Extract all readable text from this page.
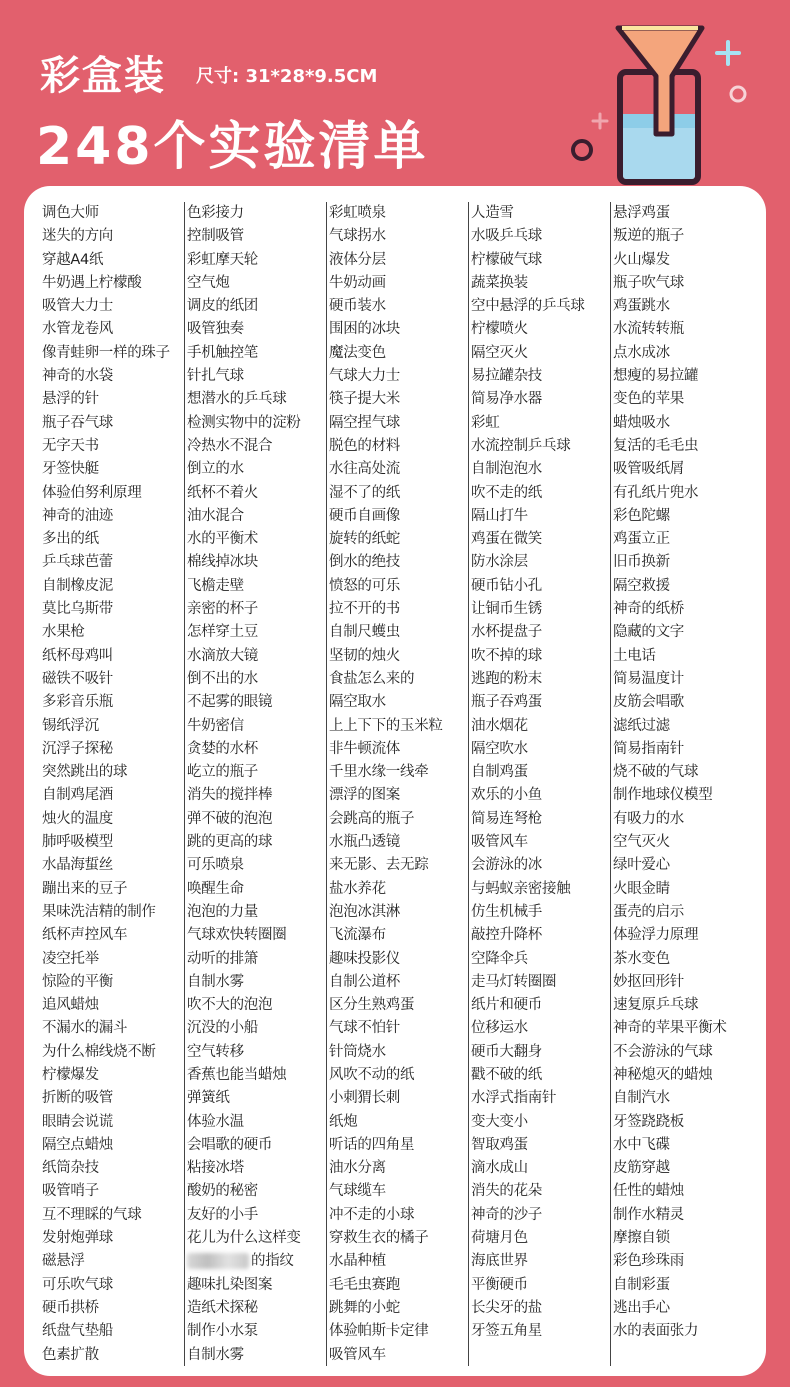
彩盒装 尺寸: 31*28*9.5CM
248个实验清单
调色大师
迷失的方向
穿越A4纸
牛奶遇上柠檬酸
吸管大力士
水管龙卷风
像青蛙卵一样的珠子
神奇的水袋
悬浮的针
瓶子吞气球
无字天书
牙签快艇
体验伯努利原理
神奇的油迹
多出的纸
乒乓球芭蕾
自制橡皮泥
莫比乌斯带
水果枪
纸杯母鸡叫
磁铁不吸针
多彩音乐瓶
锡纸浮沉
沉浮子探秘
突然跳出的球
自制鸡尾酒
烛火的温度
肺呼吸模型
水晶海蜇丝
蹦出来的豆子
果味洗洁精的制作
纸杯声控风车
凌空托举
惊险的平衡
追风蜡烛
不漏水的漏斗
为什么棉线烧不断
柠檬爆发
折断的吸管
眼睛会说谎
隔空点蜡烛
纸筒杂技
吸管哨子
互不理睬的气球
发射炮弹球
磁悬浮
可乐吹气球
硬币拱桥
纸盘气垫船
色素扩散
色彩接力
控制吸管
彩虹摩天轮
空气炮
调皮的纸团
吸管独奏
手机触控笔
针扎气球
想潜水的乒乓球
检测实物中的淀粉
冷热水不混合
倒立的水
纸杯不着火
油水混合
水的平衡术
棉线掉冰块
飞檐走壁
亲密的杯子
怎样穿土豆
水滴放大镜
倒不出的水
不起雾的眼镜
牛奶密信
贪婪的水杯
屹立的瓶子
消失的搅拌棒
弹不破的泡泡
跳的更高的球
可乐喷泉
唤醒生命
泡泡的力量
气球欢快转圈圈
动听的排箫
自制水雾
吹不大的泡泡
沉没的小船
空气转移
香蕉也能当蜡烛
弹簧纸
体验水温
会唱歌的硬币
粘接冰塔
酸奶的秘密
友好的小手
花儿为什么这样变
的指纹
趣味扎染图案
造纸术探秘
制作小水泵
自制水雾
彩虹喷泉
气球拐水
液体分层
牛奶动画
硬币装水
围困的冰块
魔法变色
气球大力士
筷子提大米
隔空捏气球
脱色的材料
水往高处流
湿不了的纸
硬币自画像
旋转的纸蛇
倒水的绝技
愤怒的可乐
拉不开的书
自制尺蠖虫
坚韧的烛火
食盐怎么来的
隔空取水
上上下下的玉米粒
非牛顿流体
千里水缘一线牵
漂浮的图案
会跳高的瓶子
水瓶凸透镜
来无影、去无踪
盐水养花
泡泡冰淇淋
飞流瀑布
趣味投影仪
自制公道杯
区分生熟鸡蛋
气球不怕针
针筒烧水
风吹不动的纸
小刺猬长刺
纸炮
听话的四角星
油水分离
气球缆车
冲不走的小球
穿救生衣的橘子
水晶种植
毛毛虫赛跑
跳舞的小蛇
体验帕斯卡定律
吸管风车
人造雪
水吸乒乓球
柠檬破气球
蔬菜换装
空中悬浮的乒乓球
柠檬喷火
隔空灭火
易拉罐杂技
简易净水器
彩虹
水流控制乒乓球
自制泡泡水
吹不走的纸
隔山打牛
鸡蛋在微笑
防水涂层
硬币钻小孔
让铜币生锈
水杯提盘子
吹不掉的球
逃跑的粉末
瓶子吞鸡蛋
油水烟花
隔空吹水
自制鸡蛋
欢乐的小鱼
简易连弩枪
吸管风车
会游泳的冰
与蚂蚁亲密接触
仿生机械手
敲控升降杯
空降伞兵
走马灯转圈圈
纸片和硬币
位移运水
硬币大翻身
戳不破的纸
水浮式指南针
变大变小
智取鸡蛋
滴水成山
消失的花朵
神奇的沙子
荷塘月色
海底世界
平衡硬币
长尖牙的盐
牙签五角星
悬浮鸡蛋
叛逆的瓶子
火山爆发
瓶子吹气球
鸡蛋跳水
水流转转瓶
点水成冰
想瘦的易拉罐
变色的苹果
蜡烛吸水
复活的毛毛虫
吸管吸纸屑
有孔纸片兜水
彩色陀螺
鸡蛋立正
旧币换新
隔空救援
神奇的纸桥
隐藏的文字
土电话
简易温度计
皮筋会唱歌
滤纸过滤
简易指南针
烧不破的气球
制作地球仪模型
有吸力的水
空气灭火
绿叶爱心
火眼金睛
蛋壳的启示
体验浮力原理
茶水变色
妙抠回形针
速复原乒乓球
神奇的苹果平衡术
不会游泳的气球
神秘熄灭的蜡烛
自制汽水
牙签跷跷板
水中飞碟
皮筋穿越
任性的蜡烛
制作水精灵
摩擦自锁
彩色珍珠雨
自制彩蛋
逃出手心
水的表面张力
